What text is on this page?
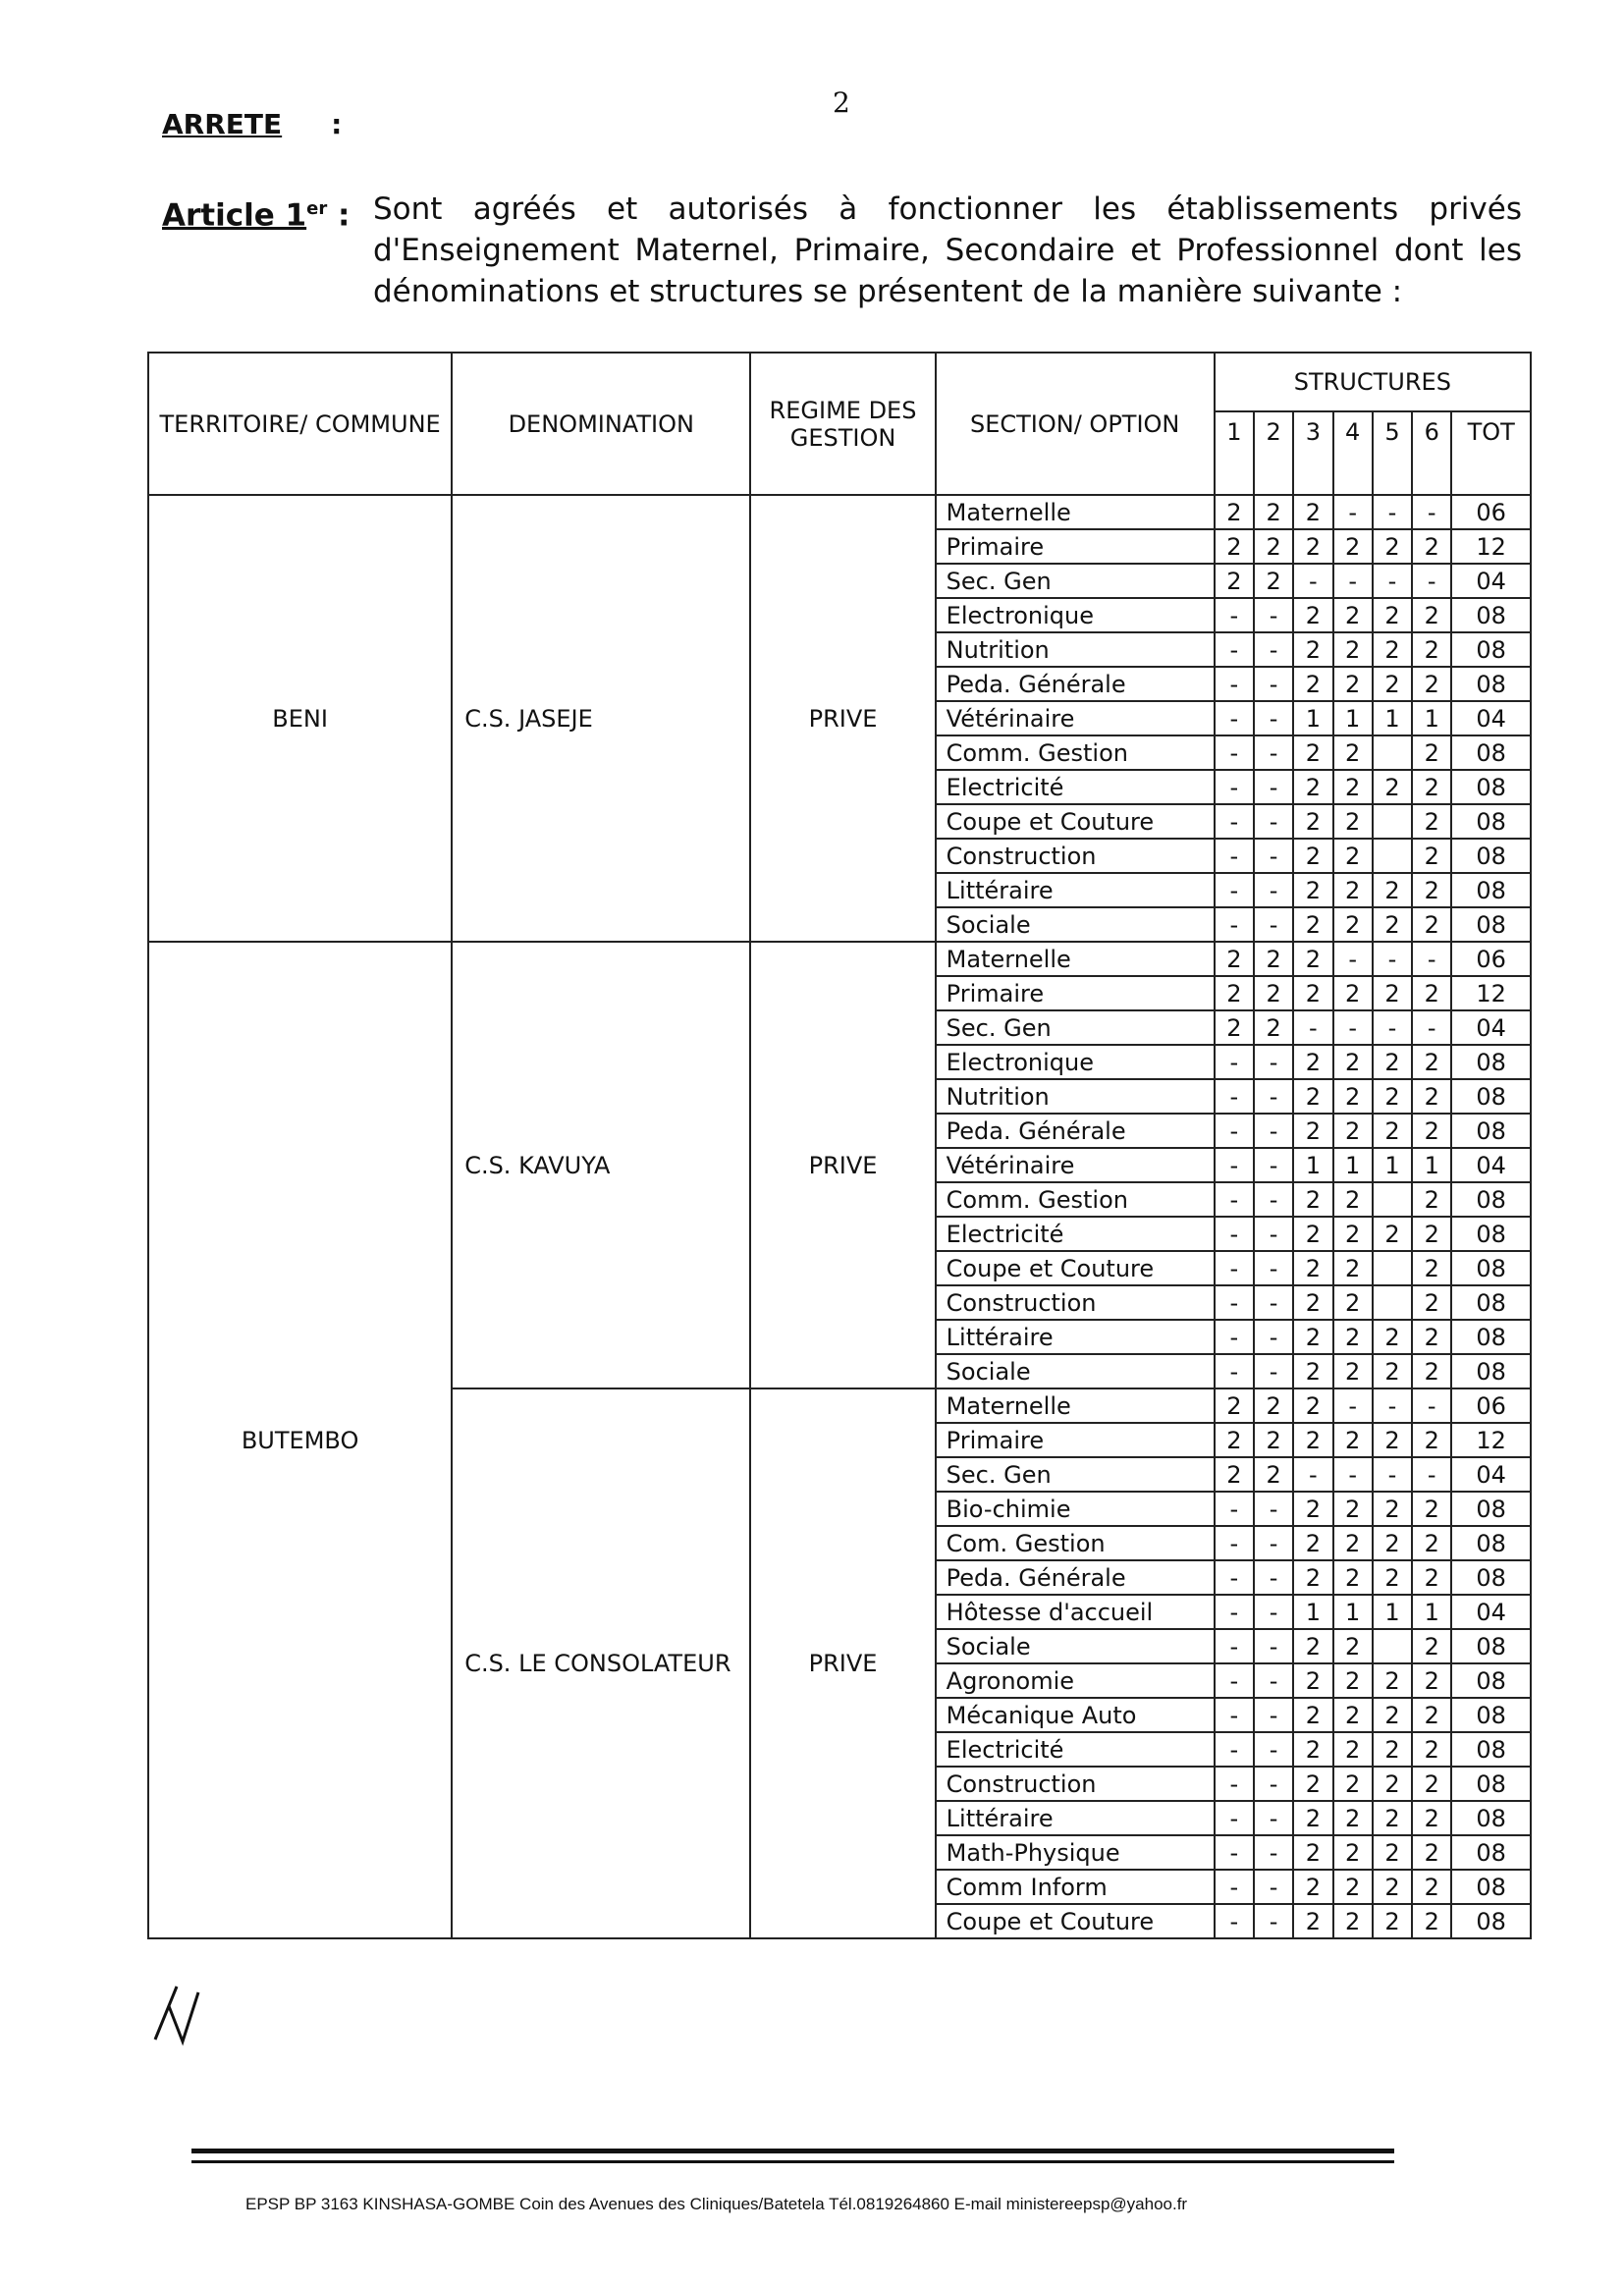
2
ARRETE :
Article 1er : Sont agréés et autorisés à fonctionner les établissements privés d'Enseignement Maternel, Primaire, Secondaire et Professionnel dont les dénominations et structures se présentent de la manière suivante :
TERRITOIRE/ COMMUNE	DENOMINATION	REGIME DES GESTION	SECTION/ OPTION	STRUCTURES						
				1	2	3	4	5	6	TOT
BENI	C.S. JASEJE	PRIVE	Maternelle	2	2	2	-	-	-	06
			Primaire	2	2	2	2	2	2	12
			Sec. Gen	2	2	-	-	-	-	04
			Electronique	-	-	2	2	2	2	08
			Nutrition	-	-	2	2	2	2	08
			Peda. Générale	-	-	2	2	2	2	08
			Vétérinaire	-	-	1	1	1	1	04
			Comm. Gestion	-	-	2	2		2	08
			Electricité	-	-	2	2	2	2	08
			Coupe et Couture	-	-	2	2		2	08
			Construction	-	-	2	2		2	08
			Littéraire	-	-	2	2	2	2	08
			Sociale	-	-	2	2	2	2	08
BUTEMBO	C.S. KAVUYA	PRIVE	Maternelle	2	2	2	-	-	-	06
			Primaire	2	2	2	2	2	2	12
			Sec. Gen	2	2	-	-	-	-	04
			Electronique	-	-	2	2	2	2	08
			Nutrition	-	-	2	2	2	2	08
			Peda. Générale	-	-	2	2	2	2	08
			Vétérinaire	-	-	1	1	1	1	04
			Comm. Gestion	-	-	2	2		2	08
			Electricité	-	-	2	2	2	2	08
			Coupe et Couture	-	-	2	2		2	08
			Construction	-	-	2	2		2	08
			Littéraire	-	-	2	2	2	2	08
			Sociale	-	-	2	2	2	2	08
	C.S. LE CONSOLATEUR	PRIVE	Maternelle	2	2	2	-	-	-	06
			Primaire	2	2	2	2	2	2	12
			Sec. Gen	2	2	-	-	-	-	04
			Bio-chimie	-	-	2	2	2	2	08
			Com. Gestion	-	-	2	2	2	2	08
			Peda. Générale	-	-	2	2	2	2	08
			Hôtesse d'accueil	-	-	1	1	1	1	04
			Sociale	-	-	2	2		2	08
			Agronomie	-	-	2	2	2	2	08
			Mécanique Auto	-	-	2	2	2	2	08
			Electricité	-	-	2	2	2	2	08
			Construction	-	-	2	2	2	2	08
			Littéraire	-	-	2	2	2	2	08
			Math-Physique	-	-	2	2	2	2	08
			Comm Inform	-	-	2	2	2	2	08
			Coupe et Couture	-	-	2	2	2	2	08
EPSP BP 3163 KINSHASA-GOMBE Coin des Avenues des Cliniques/Batetela Tél.0819264860 E-mail ministereepsp@yahoo.fr
